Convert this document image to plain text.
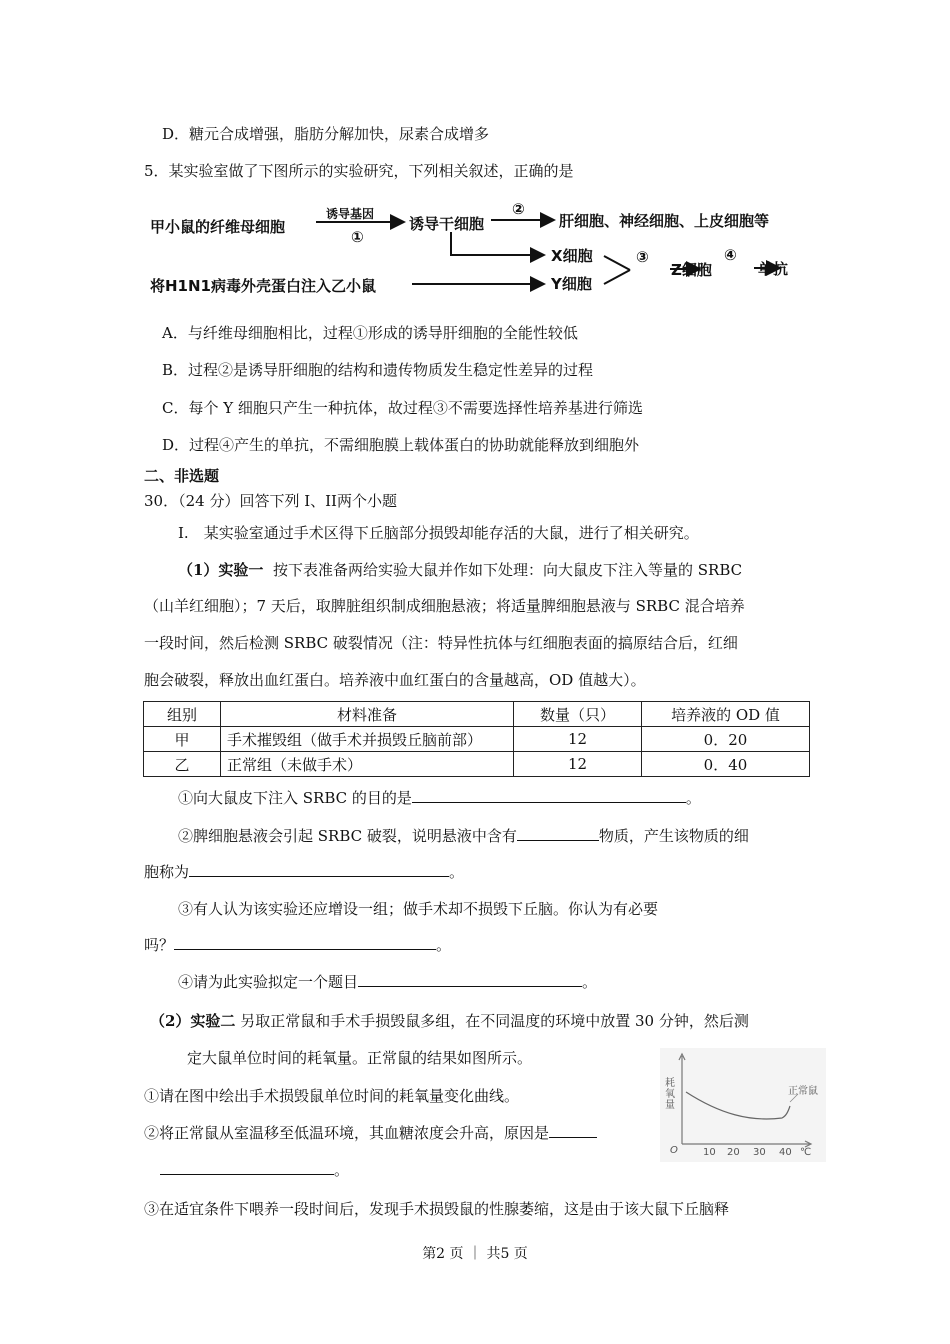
D．糖元合成增强，脂肪分解加快，尿素合成增多
5．某实验室做了下图所示的实验研究，下列相关叙述，正确的是
甲小鼠的纤维母细胞
诱导基因
①
诱导干细胞
②
肝细胞、神经细胞、上皮细胞等
X细胞
将H1N1病毒外壳蛋白注入乙小鼠	Y细胞
③
Z细胞
④
单抗
A．与纤维母细胞相比，过程①形成的诱导肝细胞的全能性较低
B．过程②是诱导肝细胞的结构和遗传物质发生稳定性差异的过程
C．每个 Y 细胞只产生一种抗体，故过程③不需要选择性培养基进行筛选
D．过程④产生的单抗，不需细胞膜上载体蛋白的协助就能释放到细胞外
二、非选题
30．（24 分）回答下列 I、II两个小题
I.　某实验室通过手术区得下丘脑部分损毁却能存活的大鼠，进行了相关研究。
（1）实验一 按下表准备两给实验大鼠并作如下处理：向大鼠皮下注入等量的 SRBC
（山羊红细胞）；7 天后，取脾脏组织制成细胞悬液；将适量脾细胞悬液与 SRBC 混合培养
一段时间，然后检测 SRBC 破裂情况（注：特异性抗体与红细胞表面的搞原结合后，红细
胞会破裂，释放出血红蛋白。培养液中血红蛋白的含量越高，OD 值越大）。
组别	材料准备	数量（只）	培养液的 OD 值
甲	手术摧毁组（做手术并损毁丘脑前部）	12	0．20
乙	正常组（未做手术）	12	0．40
①向大鼠皮下注入 SRBC 的目的是	。
②脾细胞悬液会引起 SRBC 破裂，说明悬液中含有	物质，产生该物质的细
胞称为	。
③有人认为该实验还应增设一组；做手术却不损毁下丘脑。你认为有必要
吗？	。
④请为此实验拟定一个题目	。
（2）实验二 另取正常鼠和手术手损毁鼠多组，在不同温度的环境中放置 30 分钟，然后测
定大鼠单位时间的耗氧量。正常鼠的结果如图所示。
①请在图中绘出手术损毁鼠单位时间的耗氧量变化曲线。
②将正常鼠从室温移至低温环境，其血糖浓度会升高，原因是
。
③在适宜条件下喂养一段时间后，发现手术损毁鼠的性腺萎缩，这是由于该大鼠下丘脑释
耗氧量
正常鼠
O	10 20 30 40 ℃
第2 页 ｜ 共5 页
